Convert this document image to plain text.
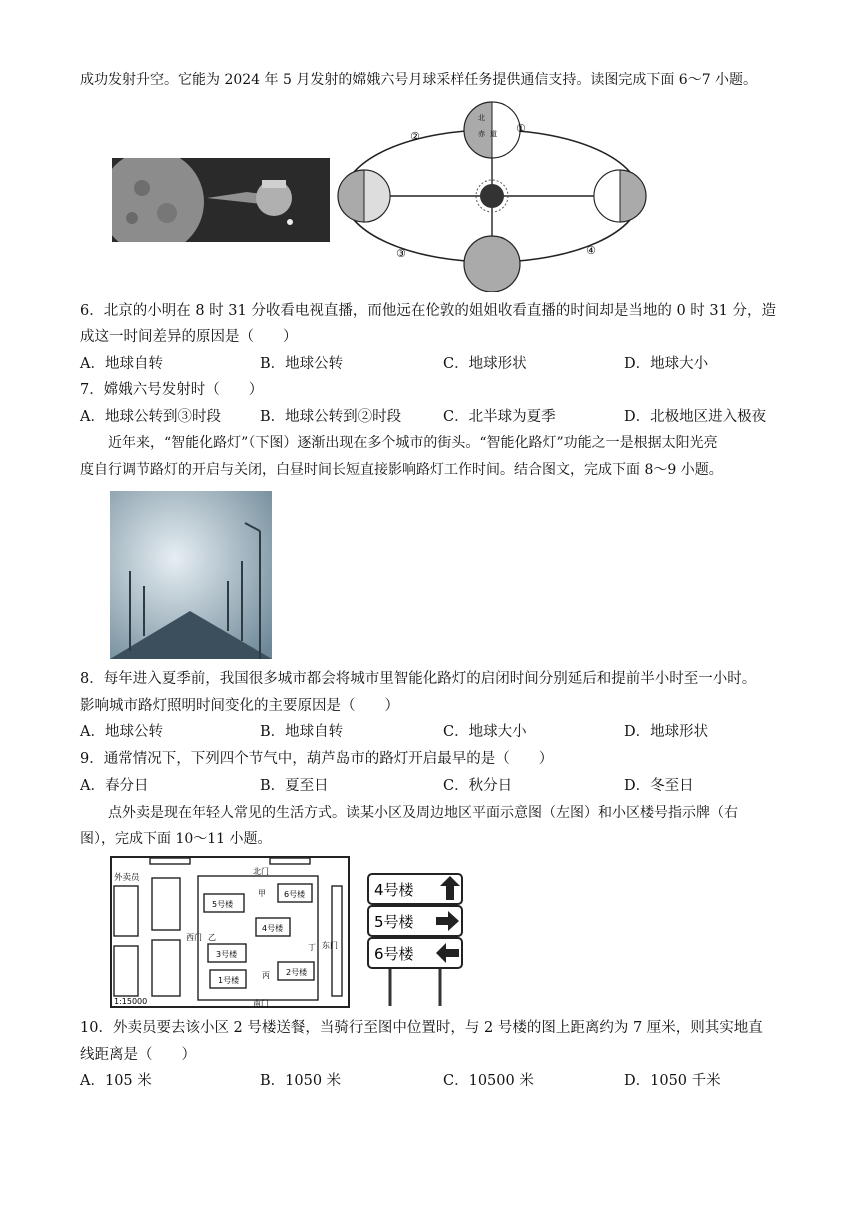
成功发射升空。它能为 2024 年 5 月发射的嫦娥六号月球采样任务提供通信支持。读图完成下面 6～7 小题。
①
②
③	④
北
赤 道
6．北京的小明在 8 时 31 分收看电视直播，而他远在伦敦的姐姐收看直播的时间却是当地的 0 时 31 分，造
成这一时间差异的原因是（　　）
A．地球自转	B．地球公转	C．地球形状	D．地球大小
7．嫦娥六号发射时（　　）
A．地球公转到③时段	B．地球公转到②时段	C．北半球为夏季	D．北极地区进入极夜
　　近年来，“智能化路灯”（下图）逐渐出现在多个城市的街头。“智能化路灯”功能之一是根据太阳光亮
度自行调节路灯的开启与关闭，白昼时间长短直接影响路灯工作时间。结合图文，完成下面 8～9 小题。
8．每年进入夏季前，我国很多城市都会将城市里智能化路灯的启闭时间分别延后和提前半小时至一小时。
影响城市路灯照明时间变化的主要原因是（　　）
A．地球公转	B．地球自转	C．地球大小	D．地球形状
9．通常情况下，下列四个节气中，葫芦岛市的路灯开启最早的是（　　）
A．春分日	B．夏至日	C．秋分日	D．冬至日
　　点外卖是现在年轻人常见的生活方式。读某小区及周边地区平面示意图（左图）和小区楼号指示牌（右
图），完成下面 10～11 小题。
外卖员
北门
南门
西门
东门
5号楼
6号楼
4号楼
3号楼
1号楼
2号楼
甲
乙
丙
丁
1:15000
4号楼
5号楼
6号楼
10．外卖员要去该小区 2 号楼送餐，当骑行至图中位置时，与 2 号楼的图上距离约为 7 厘米，则其实地直
线距离是（　　）
A．105 米	B．1050 米	C．10500 米	D．1050 千米
